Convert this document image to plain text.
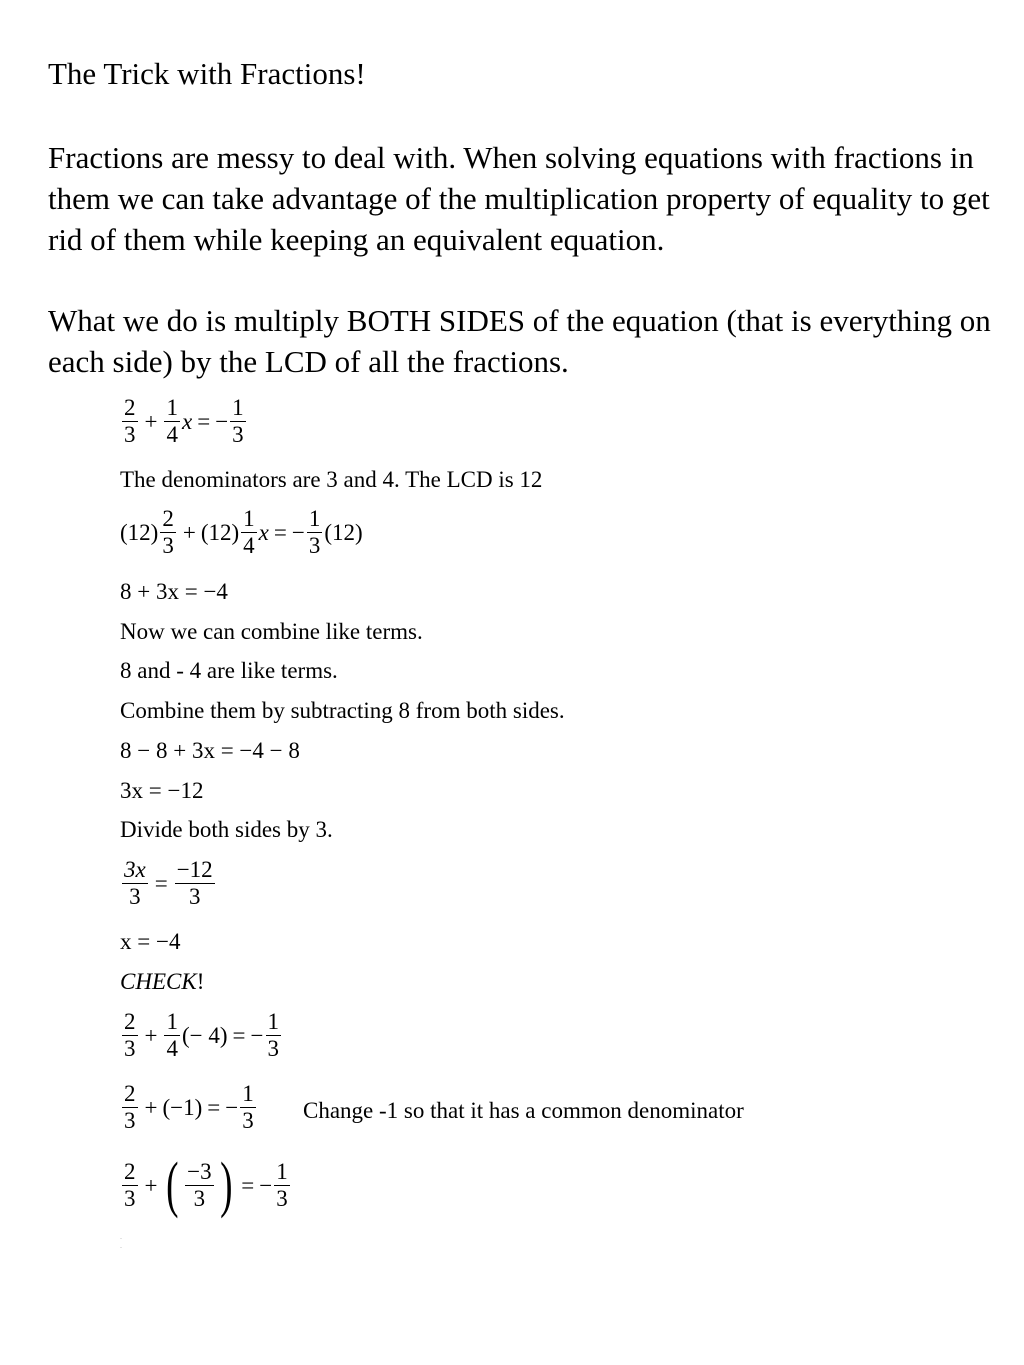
The Trick with Fractions!
Fractions are messy to deal with. When solving equations with fractions in them we can take advantage of the multiplication property of equality to get rid of them while keeping an equivalent equation.
What we do is multiply BOTH SIDES of the equation (that is everything on each side) by the LCD of all the fractions.
$\frac{2}{3} + \frac{1}{4}$ x = − $\frac{1}{3}$
The denominators are 3 and 4. The LCD is 12
$(12) \frac{2}{3} + (12) \frac{1}{4}$ x = − $\frac{1}{3} (12)$
8 + 3x = −4
Now we can combine like terms.
8 and - 4 are like terms.
Combine them by subtracting 8 from both sides.
8 − 8 + 3x = −4 − 8
3x = −12
Divide both sides by 3.
$\frac{3x}{3} = \frac{-12}{3}$
x = −4
CHECK!
$\frac{2}{3} + \frac{1}{4}$ (− 4) = − $\frac{1}{3}$
$\frac{2}{3} + (-1)$ = − $\frac{1}{3}$ Change -1 so that it has a common denominator
$\frac{2}{3}$ + ( $\frac{-3}{3}$ ) = − $\frac{1}{3}$
.
.
